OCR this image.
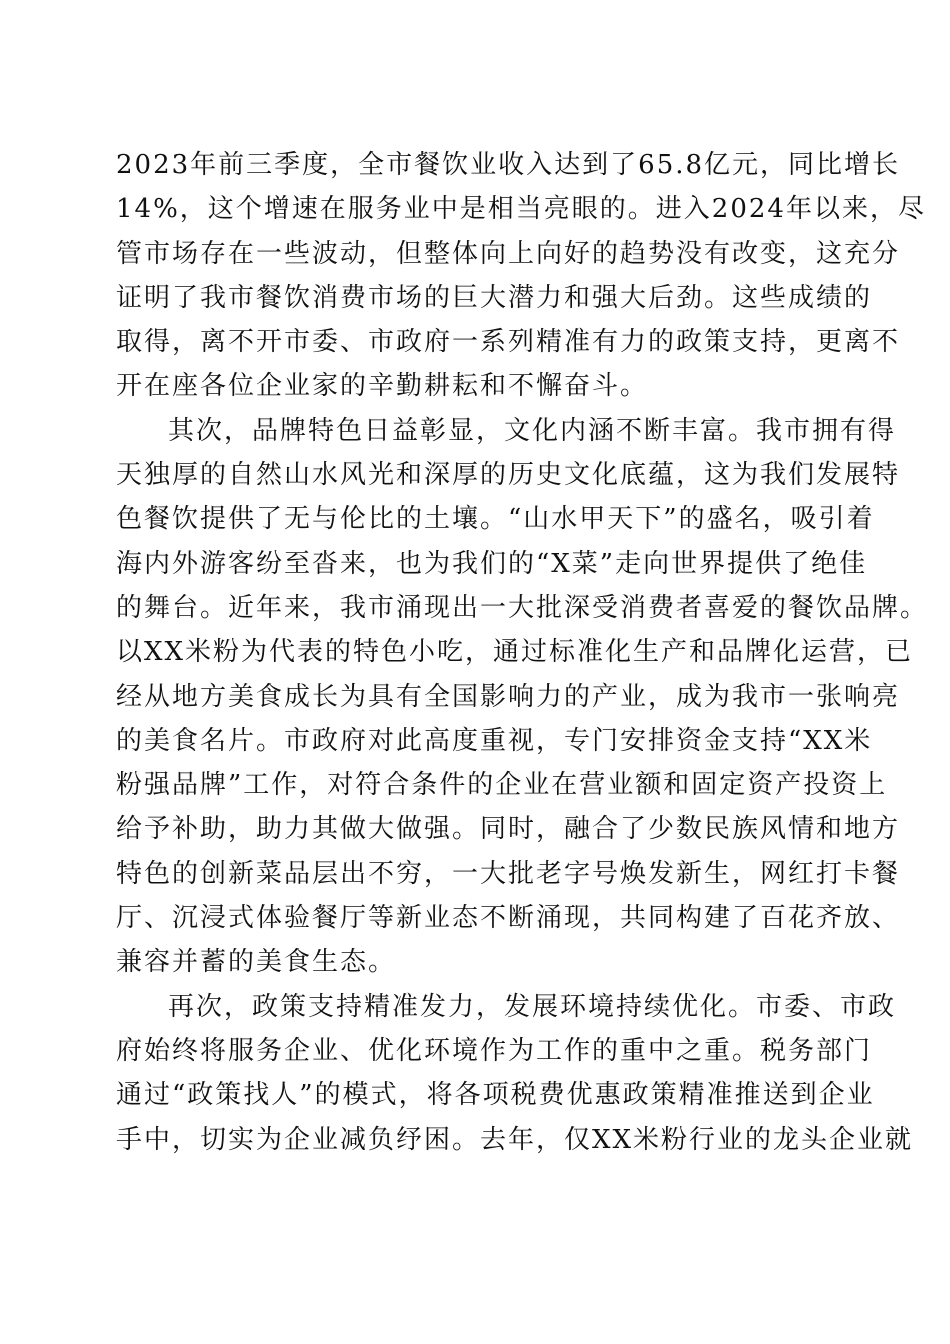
2023年前三季度，全市餐饮业收入达到了65.8亿元，同比增长
14%，这个增速在服务业中是相当亮眼的。进入2024年以来，尽
管市场存在一些波动，但整体向上向好的趋势没有改变，这充分
证明了我市餐饮消费市场的巨大潜力和强大后劲。这些成绩的
取得，离不开市委、市政府一系列精准有力的政策支持，更离不
开在座各位企业家的辛勤耕耘和不懈奋斗。
其次，品牌特色日益彰显，文化内涵不断丰富。我市拥有得
天独厚的自然山水风光和深厚的历史文化底蕴，这为我们发展特
色餐饮提供了无与伦比的土壤。“山水甲天下”的盛名，吸引着
海内外游客纷至沓来，也为我们的“X菜”走向世界提供了绝佳
的舞台。近年来，我市涌现出一大批深受消费者喜爱的餐饮品牌。
以XX米粉为代表的特色小吃，通过标准化生产和品牌化运营，已
经从地方美食成长为具有全国影响力的产业，成为我市一张响亮
的美食名片。市政府对此高度重视，专门安排资金支持“XX米
粉强品牌”工作，对符合条件的企业在营业额和固定资产投资上
给予补助，助力其做大做强。同时，融合了少数民族风情和地方
特色的创新菜品层出不穷，一大批老字号焕发新生，网红打卡餐
厅、沉浸式体验餐厅等新业态不断涌现，共同构建了百花齐放、
兼容并蓄的美食生态。
再次，政策支持精准发力，发展环境持续优化。市委、市政
府始终将服务企业、优化环境作为工作的重中之重。税务部门
通过“政策找人”的模式，将各项税费优惠政策精准推送到企业
手中，切实为企业减负纾困。去年，仅XX米粉行业的龙头企业就
